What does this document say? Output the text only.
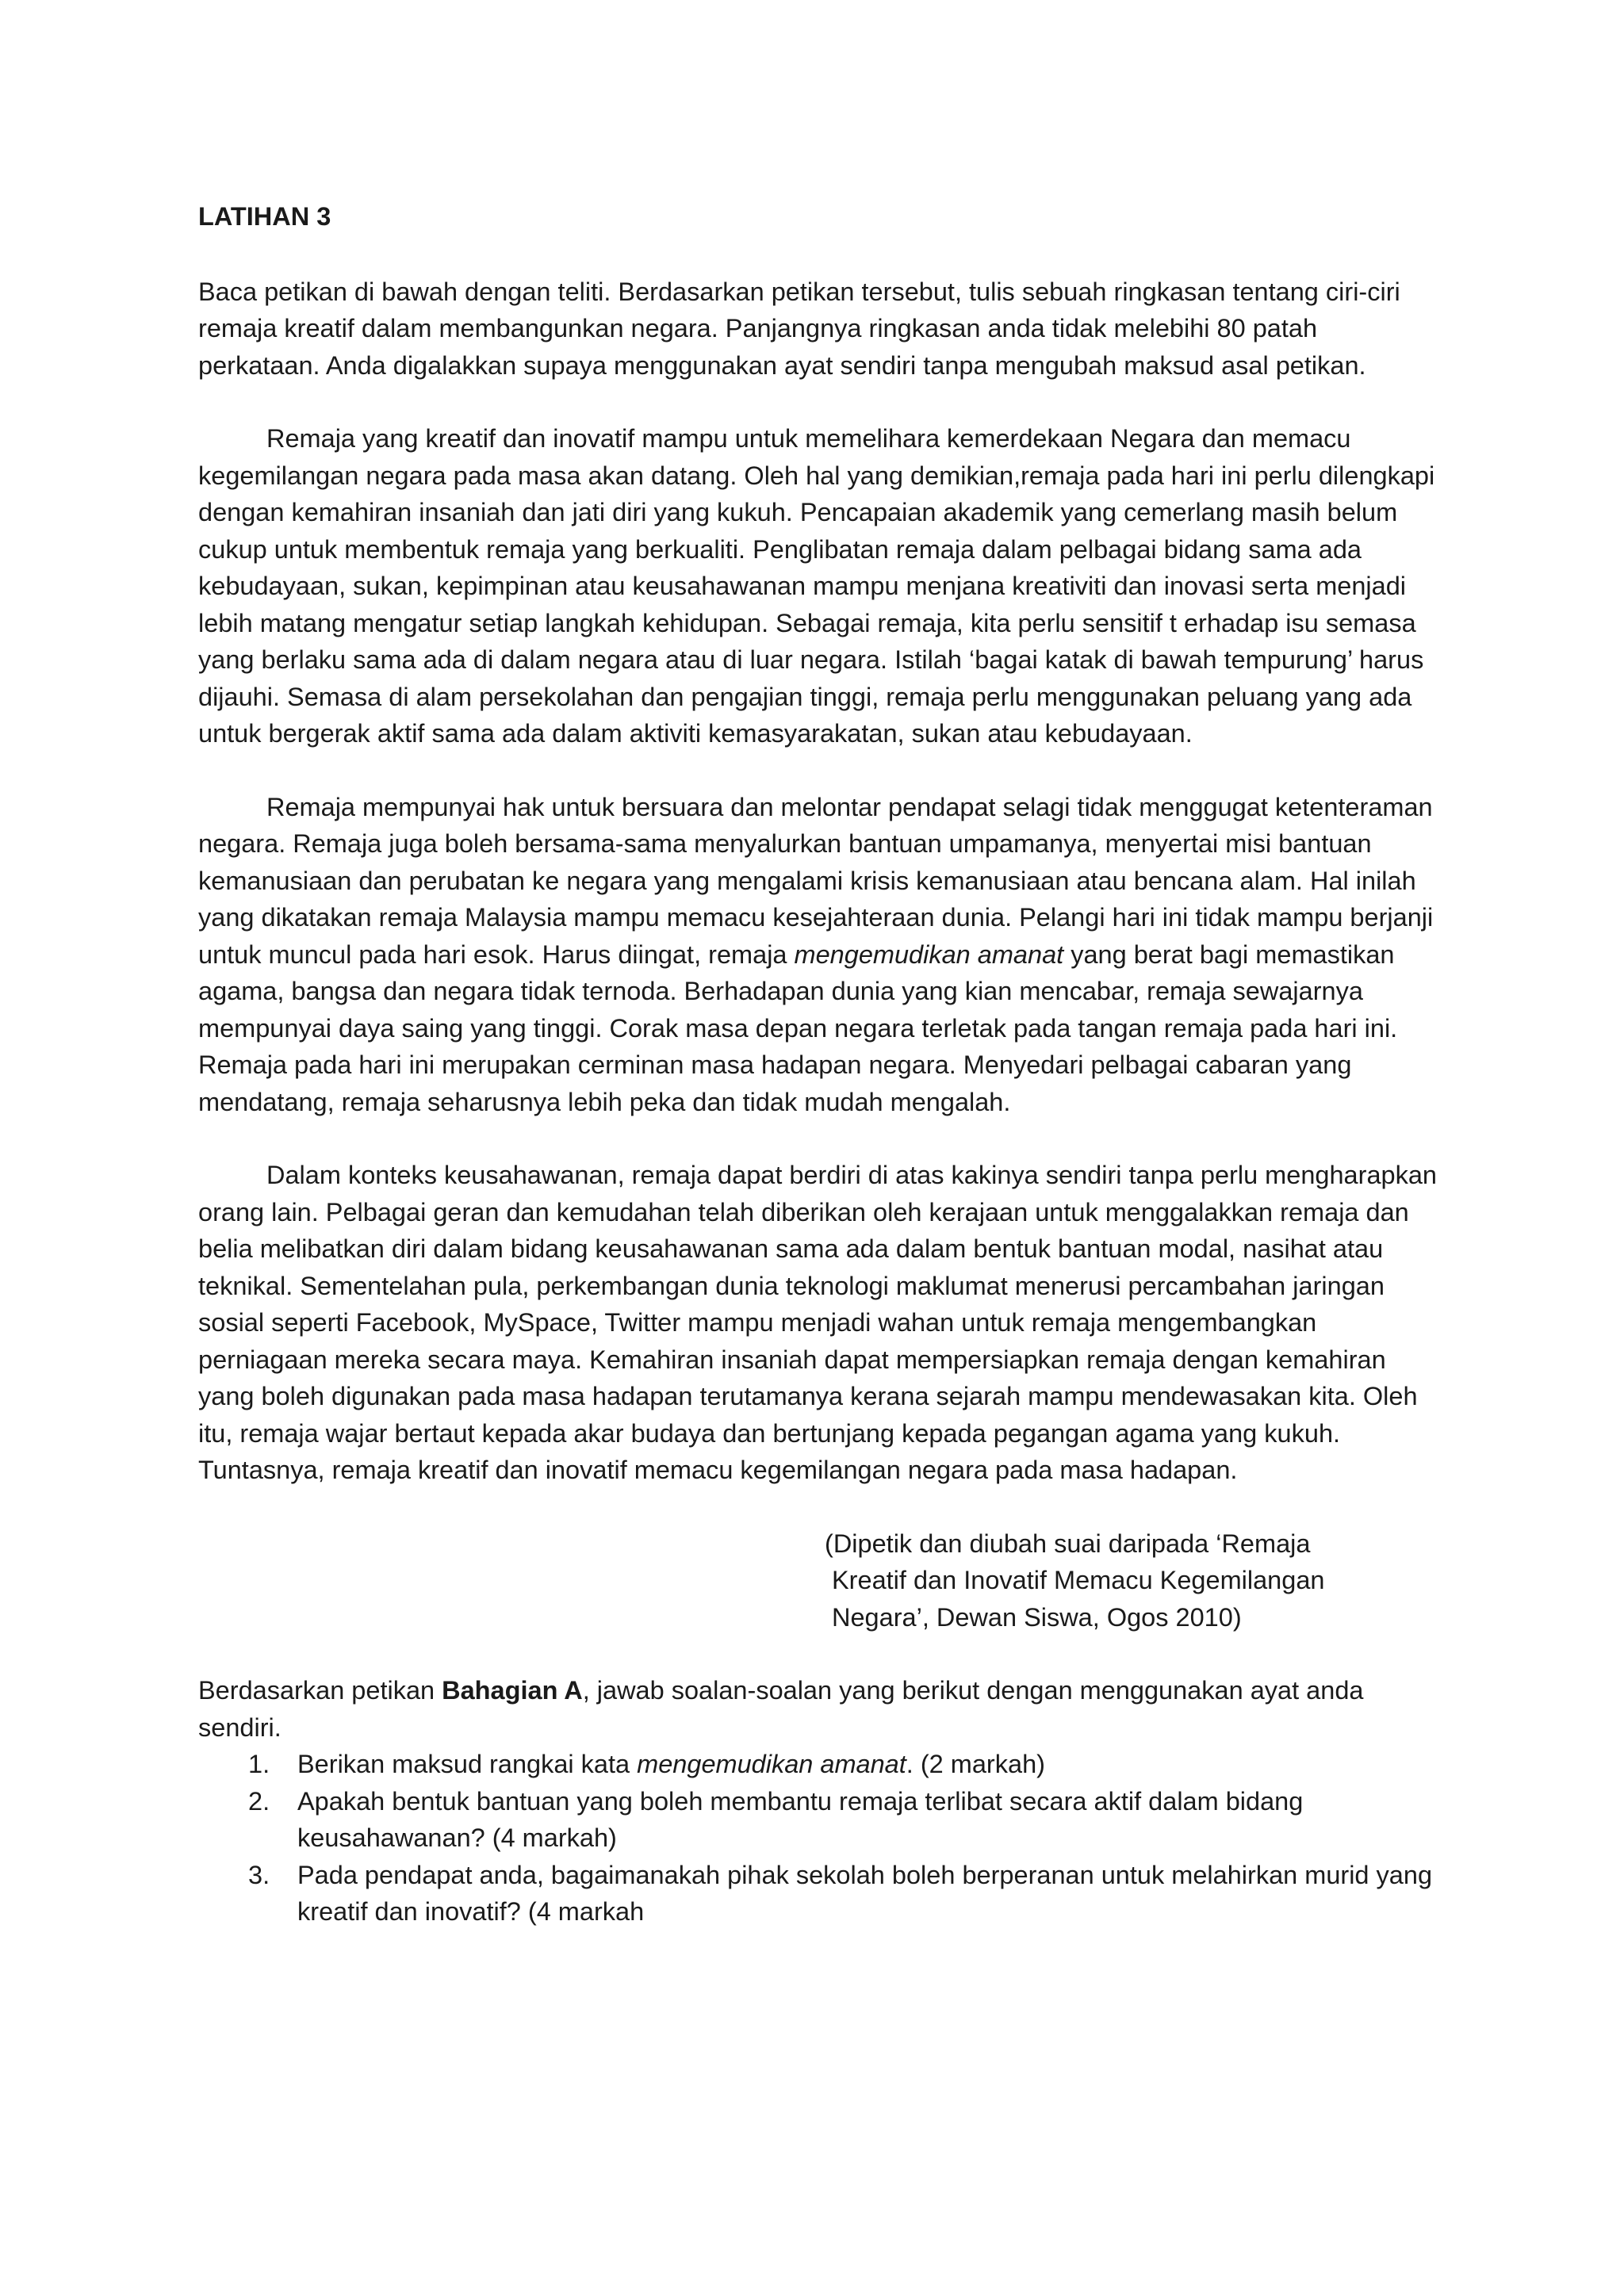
LATIHAN 3

Baca petikan di bawah dengan teliti. Berdasarkan petikan tersebut, tulis sebuah ringkasan tentang ciri-ciri remaja kreatif dalam membangunkan negara. Panjangnya ringkasan anda tidak melebihi 80 patah perkataan. Anda digalakkan supaya menggunakan ayat sendiri tanpa mengubah maksud asal petikan.

Remaja yang kreatif dan inovatif mampu untuk memelihara kemerdekaan Negara dan memacu kegemilangan negara pada masa akan datang. Oleh hal yang demikian,remaja pada hari ini perlu dilengkapi dengan kemahiran insaniah dan jati diri yang kukuh. Pencapaian akademik yang cemerlang masih belum cukup untuk membentuk remaja yang berkualiti. Penglibatan remaja dalam pelbagai bidang sama ada kebudayaan, sukan, kepimpinan atau keusahawanan mampu menjana kreativiti dan inovasi serta menjadi lebih matang mengatur setiap langkah kehidupan. Sebagai remaja, kita perlu sensitif t erhadap isu semasa yang berlaku sama ada di dalam negara atau di luar negara. Istilah ‘bagai katak di bawah tempurung’ harus dijauhi. Semasa di alam persekolahan dan pengajian tinggi, remaja perlu menggunakan peluang yang ada untuk bergerak aktif sama ada dalam aktiviti kemasyarakatan, sukan atau kebudayaan.

Remaja mempunyai hak untuk bersuara dan melontar pendapat selagi tidak menggugat ketenteraman negara. Remaja juga boleh bersama-sama menyalurkan bantuan umpamanya, menyertai misi bantuan kemanusiaan dan perubatan ke negara yang mengalami krisis kemanusiaan atau bencana alam. Hal inilah yang dikatakan remaja Malaysia mampu memacu kesejahteraan dunia. Pelangi hari ini tidak mampu berjanji untuk muncul pada hari esok. Harus diingat, remaja mengemudikan amanat yang berat bagi memastikan agama, bangsa dan negara tidak ternoda. Berhadapan dunia yang kian mencabar, remaja sewajarnya mempunyai daya saing yang tinggi. Corak masa depan negara terletak pada tangan remaja pada hari ini. Remaja pada hari ini merupakan cerminan masa hadapan negara. Menyedari pelbagai cabaran yang mendatang, remaja seharusnya lebih peka dan tidak mudah mengalah.

Dalam konteks keusahawanan, remaja dapat berdiri di atas kakinya sendiri tanpa perlu mengharapkan orang lain. Pelbagai geran dan kemudahan telah diberikan oleh kerajaan untuk menggalakkan remaja dan belia melibatkan diri dalam bidang keusahawanan sama ada dalam bentuk bantuan modal, nasihat atau teknikal. Sementelahan pula, perkembangan dunia teknologi maklumat menerusi percambahan jaringan sosial seperti Facebook, MySpace, Twitter mampu menjadi wahan untuk remaja mengembangkan perniagaan mereka secara maya. Kemahiran insaniah dapat mempersiapkan remaja dengan kemahiran yang boleh digunakan pada masa hadapan terutamanya kerana sejarah mampu mendewasakan kita. Oleh itu, remaja wajar bertaut kepada akar budaya dan bertunjang kepada pegangan agama yang kukuh. Tuntasnya, remaja kreatif dan inovatif memacu kegemilangan negara pada masa hadapan.

(Dipetik dan diubah suai daripada ‘Remaja
Kreatif dan Inovatif Memacu Kegemilangan
Negara’, Dewan Siswa, Ogos 2010)

Berdasarkan petikan Bahagian A, jawab soalan-soalan yang berikut dengan menggunakan ayat anda sendiri.

1. Berikan maksud rangkai kata mengemudikan amanat. (2 markah)
2. Apakah bentuk bantuan yang boleh membantu remaja terlibat secara aktif dalam bidang keusahawanan? (4 markah)
3. Pada pendapat anda, bagaimanakah pihak sekolah boleh berperanan untuk melahirkan murid yang kreatif dan inovatif? (4 markah
